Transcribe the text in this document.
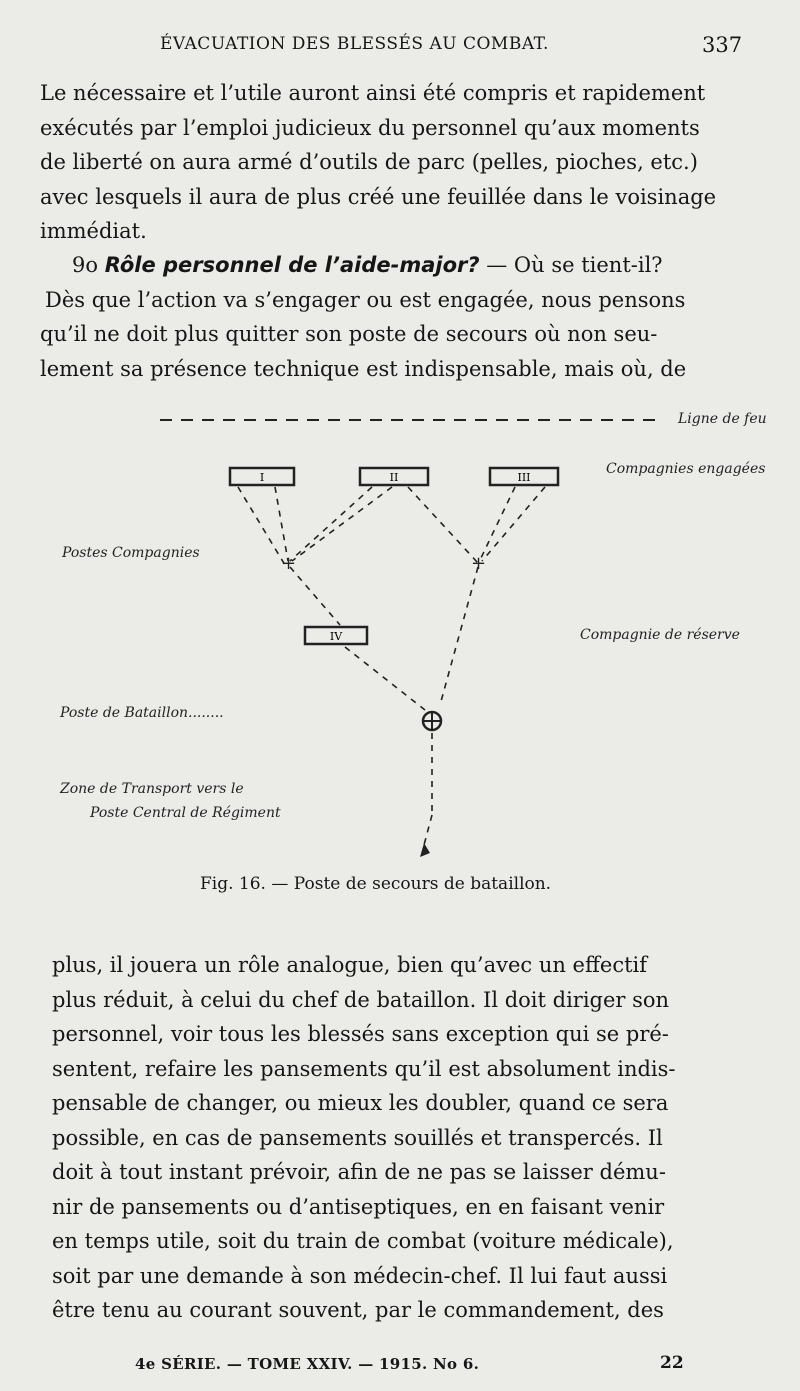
ÉVACUATION DES BLESSÉS AU COMBAT.	337
Le nécessaire et l’utile auront ainsi été compris et rapidement
exécutés par l’emploi judicieux du personnel qu’aux moments
de liberté on aura armé d’outils de parc (pelles, pioches, etc.)
avec lesquels il aura de plus créé une feuillée dans le voisinage
immédiat.
9o Rôle personnel de l’aide-major? — Où se tient-il?
Dès que l’action va s’engager ou est engagée, nous pensons
qu’il ne doit plus quitter son poste de secours où non seu-
lement sa présence technique est indispensable, mais où, de
Ligne de feu
I	II	III
IV
+	+
Compagnies engagées
Postes Compagnies
Compagnie de réserve
Poste de Bataillon........
Zone de Transport vers le
Poste Central de Régiment
Fig. 16. — Poste de secours de bataillon.
plus, il jouera un rôle analogue, bien qu’avec un effectif
plus réduit, à celui du chef de bataillon. Il doit diriger son
personnel, voir tous les blessés sans exception qui se pré-
sentent, refaire les pansements qu’il est absolument indis-
pensable de changer, ou mieux les doubler, quand ce sera
possible, en cas de pansements souillés et transpercés. Il
doit à tout instant prévoir, afin de ne pas se laisser dému-
nir de pansements ou d’antiseptiques, en en faisant venir
en temps utile, soit du train de combat (voiture médicale),
soit par une demande à son médecin-chef. Il lui faut aussi
être tenu au courant souvent, par le commandement, des
4e SÉRIE. — TOME XXIV. — 1915. No 6.	22
